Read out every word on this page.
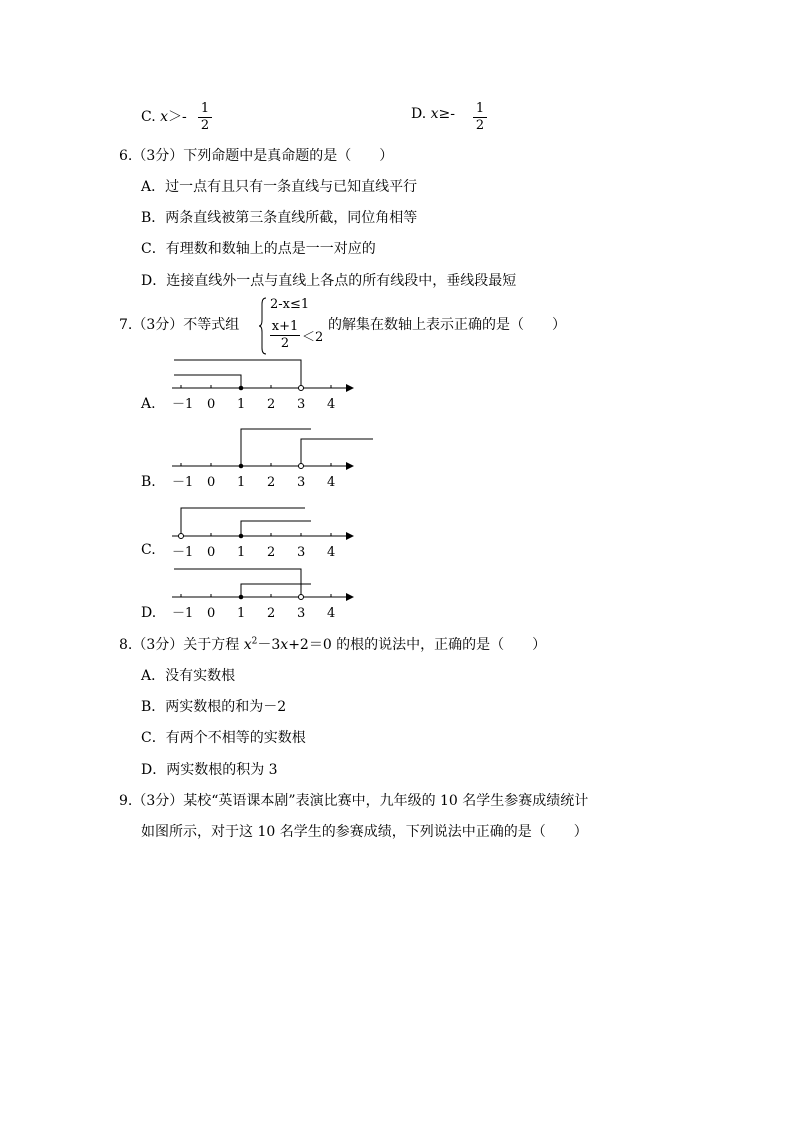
C. x＞-
1
2
D. x≥- 1
2
6.（3分）下列命题中是真命题的是（　　）
A．过一点有且只有一条直线与已知直线平行
B．两条直线被第三条直线所截，同位角相等
C．有理数和数轴上的点是一一对应的
D．连接直线外一点与直线上各点的所有线段中，垂线段最短
7.（3分）不等式组
2-x≤1
x+1
2 ＜2
的解集在数轴上表示正确的是（　　）
A. －1 0 1 2 3 4
B. －1 0 1 2 3 4
C. －1 0 1 2 3 4
D. －1 0 1 2 3 4
8.（3分）关于方程 $x^2-3x+2=0$ 的根的说法中，正确的是（　　）
A．没有实数根
B．两实数根的和为－2
C．有两个不相等的实数根
D．两实数根的积为 3
9.（3分）某校“英语课本剧”表演比赛中，九年级的 10 名学生参赛成绩统计
如图所示，对于这 10 名学生的参赛成绩，下列说法中正确的是（　　）
